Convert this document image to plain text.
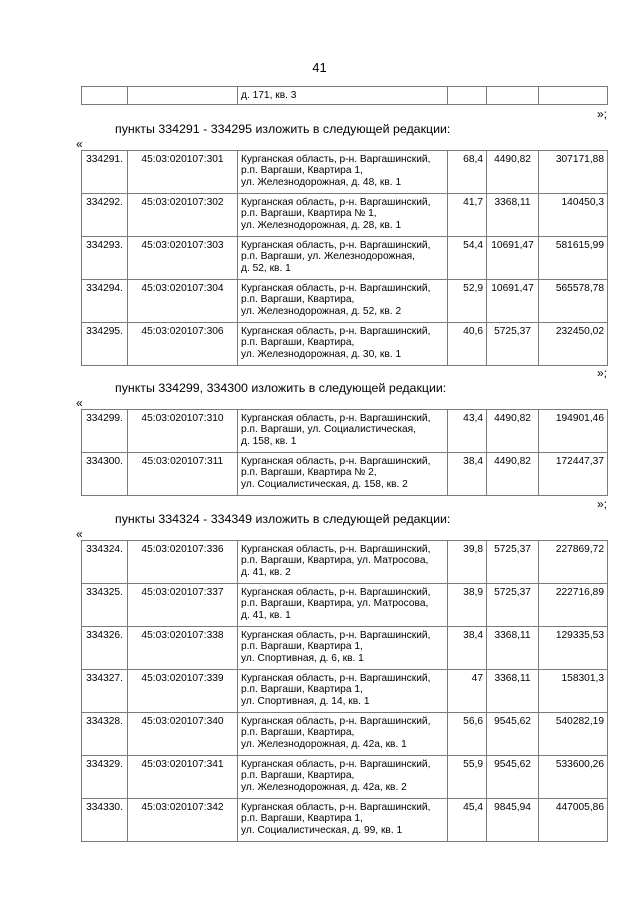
41

д. 171, кв. 3

»;
пункты 334291 - 334295 изложить в следующей редакции:
«
334291.	45:03:020107:301	Курганская область, р-н. Варгашинский,
р.п. Варгаши, Квартира 1,
ул. Железнодорожная, д. 48, кв. 1	68,4	4490,82	307171,88
334292.	45:03:020107:302	Курганская область, р-н. Варгашинский,
р.п. Варгаши, Квартира № 1,
ул. Железнодорожная, д. 28, кв. 1	41,7	3368,11	140450,3
334293.	45:03:020107:303	Курганская область, р-н. Варгашинский,
р.п. Варгаши, ул. Железнодорожная,
д. 52, кв. 1	54,4	10691,47	581615,99
334294.	45:03:020107:304	Курганская область, р-н. Варгашинский,
р.п. Варгаши, Квартира,
ул. Железнодорожная, д. 52, кв. 2	52,9	10691,47	565578,78
334295.	45:03:020107:306	Курганская область, р-н. Варгашинский,
р.п. Варгаши, Квартира,
ул. Железнодорожная, д. 30, кв. 1	40,6	5725,37	232450,02
»;
пункты 334299, 334300 изложить в следующей редакции:
«
334299.	45:03:020107:310	Курганская область, р-н. Варгашинский,
р.п. Варгаши, ул. Социалистическая,
д. 158, кв. 1	43,4	4490,82	194901,46
334300.	45:03:020107:311	Курганская область, р-н. Варгашинский,
р.п. Варгаши, Квартира № 2,
ул. Социалистическая, д. 158, кв. 2	38,4	4490,82	172447,37
»;
пункты 334324 - 334349 изложить в следующей редакции:
«
334324.	45:03:020107:336	Курганская область, р-н. Варгашинский,
р.п. Варгаши, Квартира, ул. Матросова,
д. 41, кв. 2	39,8	5725,37	227869,72
334325.	45:03:020107:337	Курганская область, р-н. Варгашинский,
р.п. Варгаши, Квартира, ул. Матросова,
д. 41, кв. 1	38,9	5725,37	222716,89
334326.	45:03:020107:338	Курганская область, р-н. Варгашинский,
р.п. Варгаши, Квартира 1,
ул. Спортивная, д. 6, кв. 1	38,4	3368,11	129335,53
334327.	45:03:020107:339	Курганская область, р-н. Варгашинский,
р.п. Варгаши, Квартира 1,
ул. Спортивная, д. 14, кв. 1	47	3368,11	158301,3
334328.	45:03:020107:340	Курганская область, р-н. Варгашинский,
р.п. Варгаши, Квартира,
ул. Железнодорожная, д. 42а, кв. 1	56,6	9545,62	540282,19
334329.	45:03:020107:341	Курганская область, р-н. Варгашинский,
р.п. Варгаши, Квартира,
ул. Железнодорожная, д. 42а, кв. 2	55,9	9545,62	533600,26
334330.	45:03:020107:342	Курганская область, р-н. Варгашинский,
р.п. Варгаши, Квартира 1,
ул. Социалистическая, д. 99, кв. 1	45,4	9845,94	447005,86
